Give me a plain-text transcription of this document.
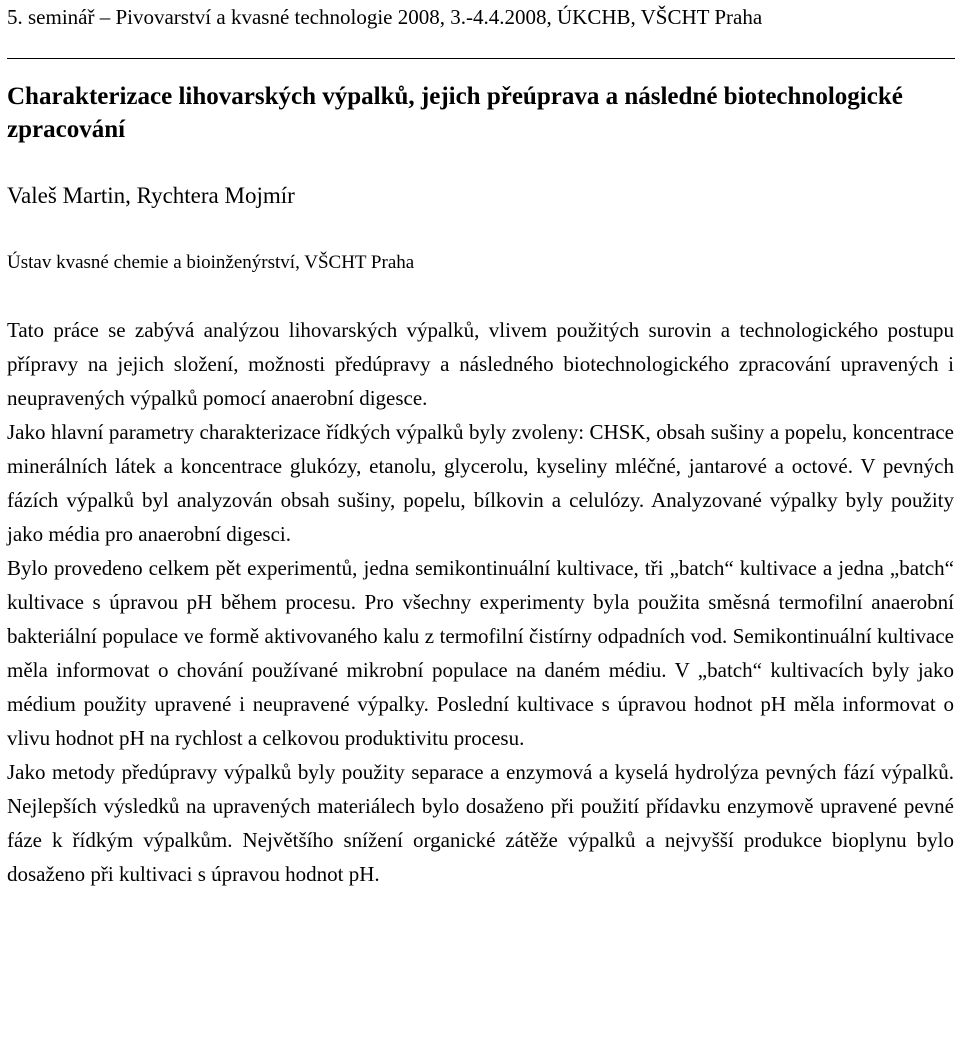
5. seminář – Pivovarství a kvasné technologie 2008, 3.-4.4.2008, ÚKCHB, VŠCHT Praha
Charakterizace lihovarských výpalků, jejich přeúprava a následné biotechnologické zpracování
Valeš Martin, Rychtera Mojmír
Ústav kvasné chemie a bioinženýrství, VŠCHT Praha

Tato práce se zabývá analýzou lihovarských výpalků, vlivem použitých surovin a technologického postupu přípravy na jejich složení, možnosti předúpravy a následného biotechnologického zpracování upravených i neupravených výpalků pomocí anaerobní digesce.

Jako hlavní parametry charakterizace řídkých výpalků byly zvoleny: CHSK, obsah sušiny a popelu, koncentrace minerálních látek a koncentrace glukózy, etanolu, glycerolu, kyseliny mléčné, jantarové a octové. V pevných fázích výpalků byl analyzován obsah sušiny, popelu, bílkovin a celulózy. Analyzované výpalky byly použity jako média pro anaerobní digesci.

Bylo provedeno celkem pět experimentů, jedna semikontinuální kultivace, tři „batch“ kultivace a jedna „batch“ kultivace s úpravou pH během procesu. Pro všechny experimenty byla použita směsná termofilní anaerobní bakteriální populace ve formě aktivovaného kalu z termofilní čistírny odpadních vod. Semikontinuální kultivace měla informovat o chování používané mikrobní populace na daném médiu. V „batch“ kultivacích byly jako médium použity upravené i neupravené výpalky. Poslední kultivace s úpravou hodnot pH měla informovat o vlivu hodnot pH na rychlost a celkovou produktivitu procesu.

Jako metody předúpravy výpalků byly použity separace a enzymová a kyselá hydrolýza pevných fází výpalků. Nejlepších výsledků na upravených materiálech bylo dosaženo při použití přídavku enzymově upravené pevné fáze k řídkým výpalkům. Největšího snížení organické zátěže výpalků a nejvyšší produkce bioplynu bylo dosaženo při kultivaci s úpravou hodnot pH.
